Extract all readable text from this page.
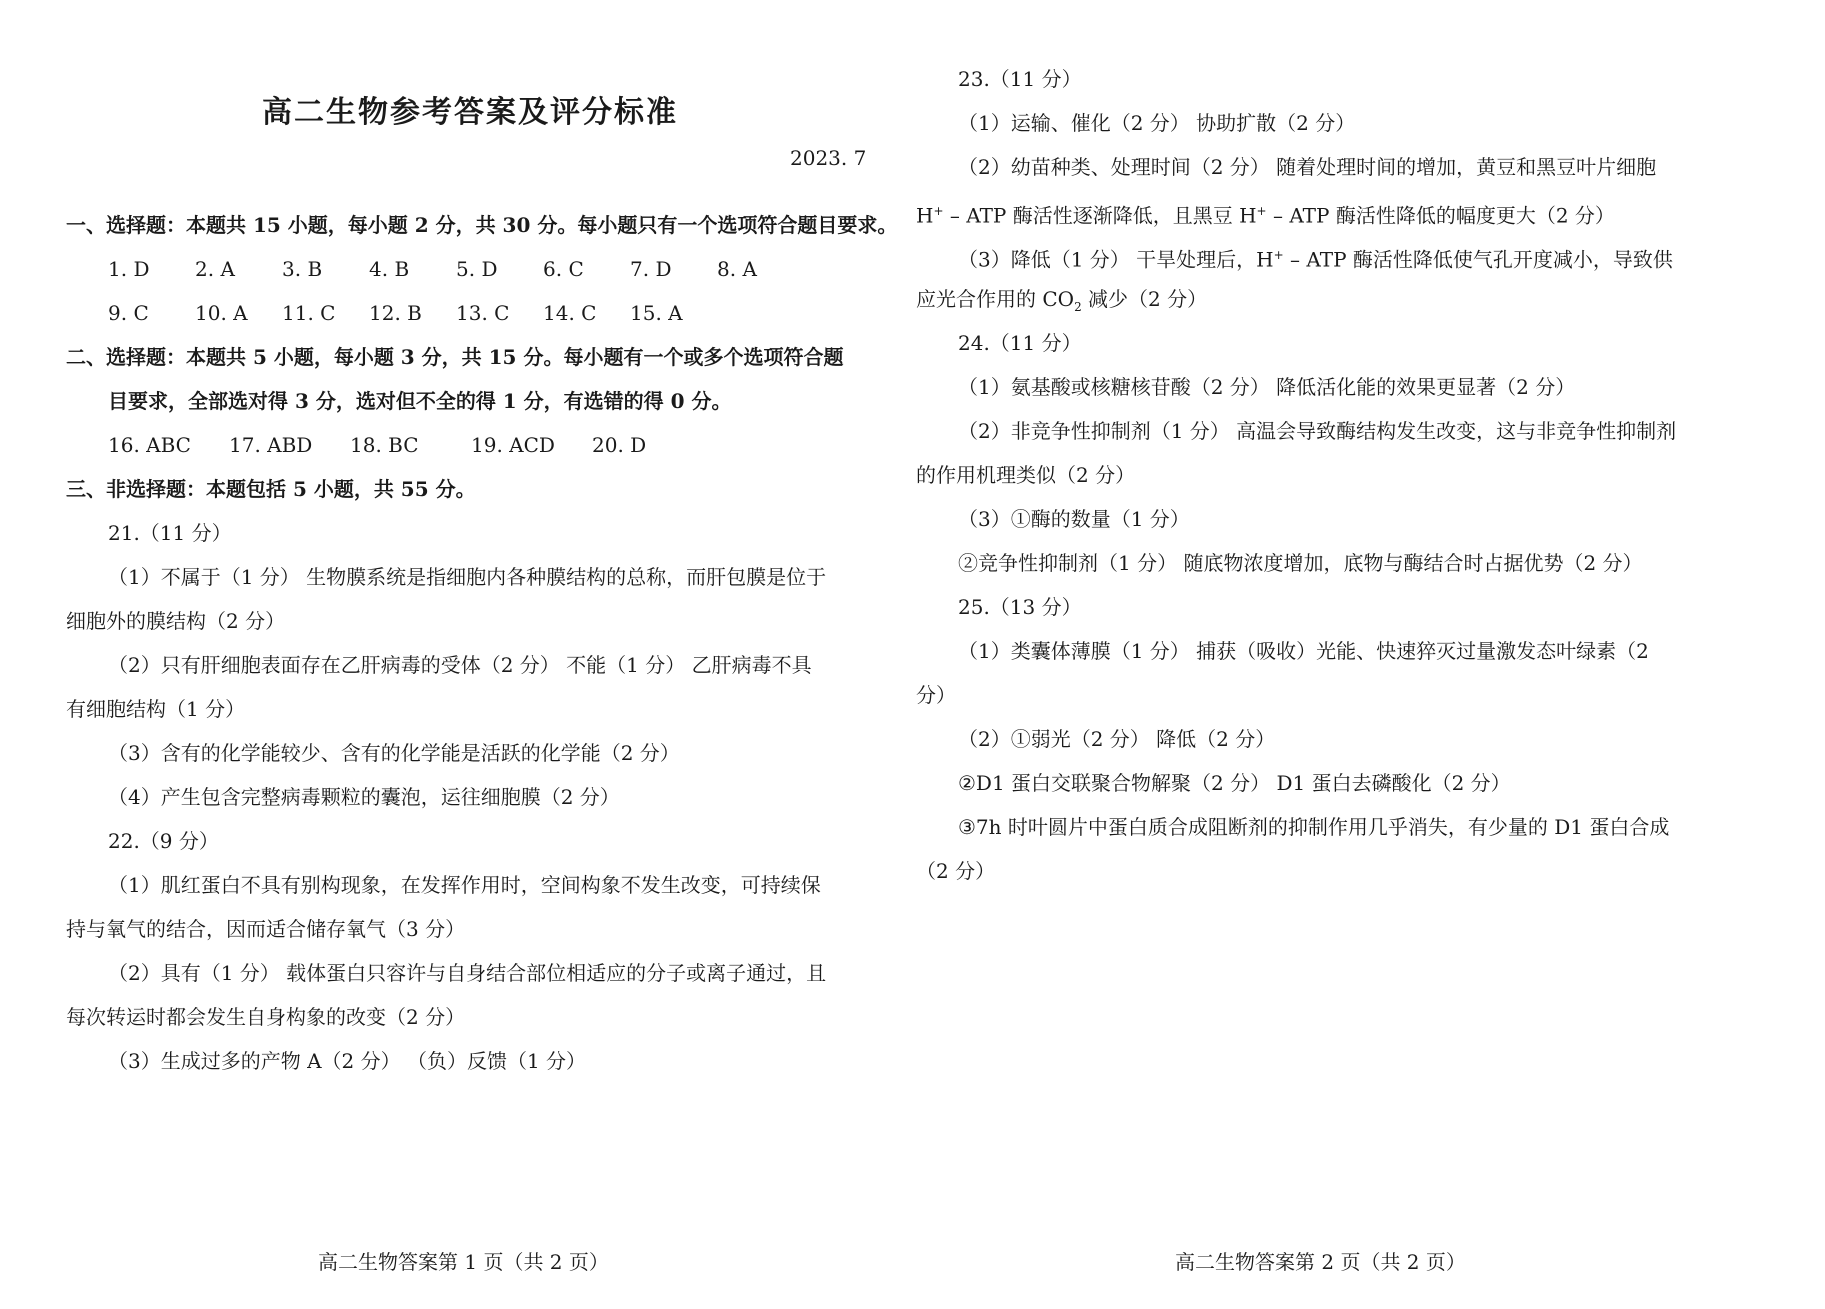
高二生物参考答案及评分标准
2023. 7
一、选择题：本题共 15 小题，每小题 2 分，共 30 分。每小题只有一个选项符合题目要求。
1. D	2. A	3. B	4. B	5. D	6. C	7. D	8. A
9. C	10. A	11. C	12. B	13. C	14. C	15. A
二、选择题：本题共 5 小题，每小题 3 分，共 15 分。每小题有一个或多个选项符合题
目要求，全部选对得 3 分，选对但不全的得 1 分，有选错的得 0 分。
16. ABC	17. ABD	18. BC	19. ACD	20. D
三、非选择题：本题包括 5 小题，共 55 分。
21.（11 分）
（1）不属于（1 分） 生物膜系统是指细胞内各种膜结构的总称，而肝包膜是位于
细胞外的膜结构（2 分）
（2）只有肝细胞表面存在乙肝病毒的受体（2 分） 不能（1 分） 乙肝病毒不具
有细胞结构（1 分）
（3）含有的化学能较少、含有的化学能是活跃的化学能（2 分）
（4）产生包含完整病毒颗粒的囊泡，运往细胞膜（2 分）
22.（9 分）
（1）肌红蛋白不具有别构现象，在发挥作用时，空间构象不发生改变，可持续保
持与氧气的结合，因而适合储存氧气（3 分）
（2）具有（1 分） 载体蛋白只容许与自身结合部位相适应的分子或离子通过，且
每次转运时都会发生自身构象的改变（2 分）
（3）生成过多的产物 A（2 分） （负）反馈（1 分）
高二生物答案第 1 页（共 2 页）
23.（11 分）
（1）运输、催化（2 分） 协助扩散（2 分）
（2）幼苗种类、处理时间（2 分） 随着处理时间的增加，黄豆和黑豆叶片细胞
H+ – ATP 酶活性逐渐降低，且黑豆 H+ – ATP 酶活性降低的幅度更大（2 分）
（3）降低（1 分） 干旱处理后，H+ – ATP 酶活性降低使气孔开度减小，导致供
应光合作用的 $CO_2$ 减少（2 分）
24.（11 分）
（1）氨基酸或核糖核苷酸（2 分） 降低活化能的效果更显著（2 分）
（2）非竞争性抑制剂（1 分） 高温会导致酶结构发生改变，这与非竞争性抑制剂
的作用机理类似（2 分）
（3）①酶的数量（1 分）
②竞争性抑制剂（1 分） 随底物浓度增加，底物与酶结合时占据优势（2 分）
25.（13 分）
（1）类囊体薄膜（1 分） 捕获（吸收）光能、快速猝灭过量激发态叶绿素（2
分）
（2）①弱光（2 分） 降低（2 分）
②D1 蛋白交联聚合物解聚（2 分） D1 蛋白去磷酸化（2 分）
③7h 时叶圆片中蛋白质合成阻断剂的抑制作用几乎消失，有少量的 D1 蛋白合成
（2 分）
高二生物答案第 2 页（共 2 页）
